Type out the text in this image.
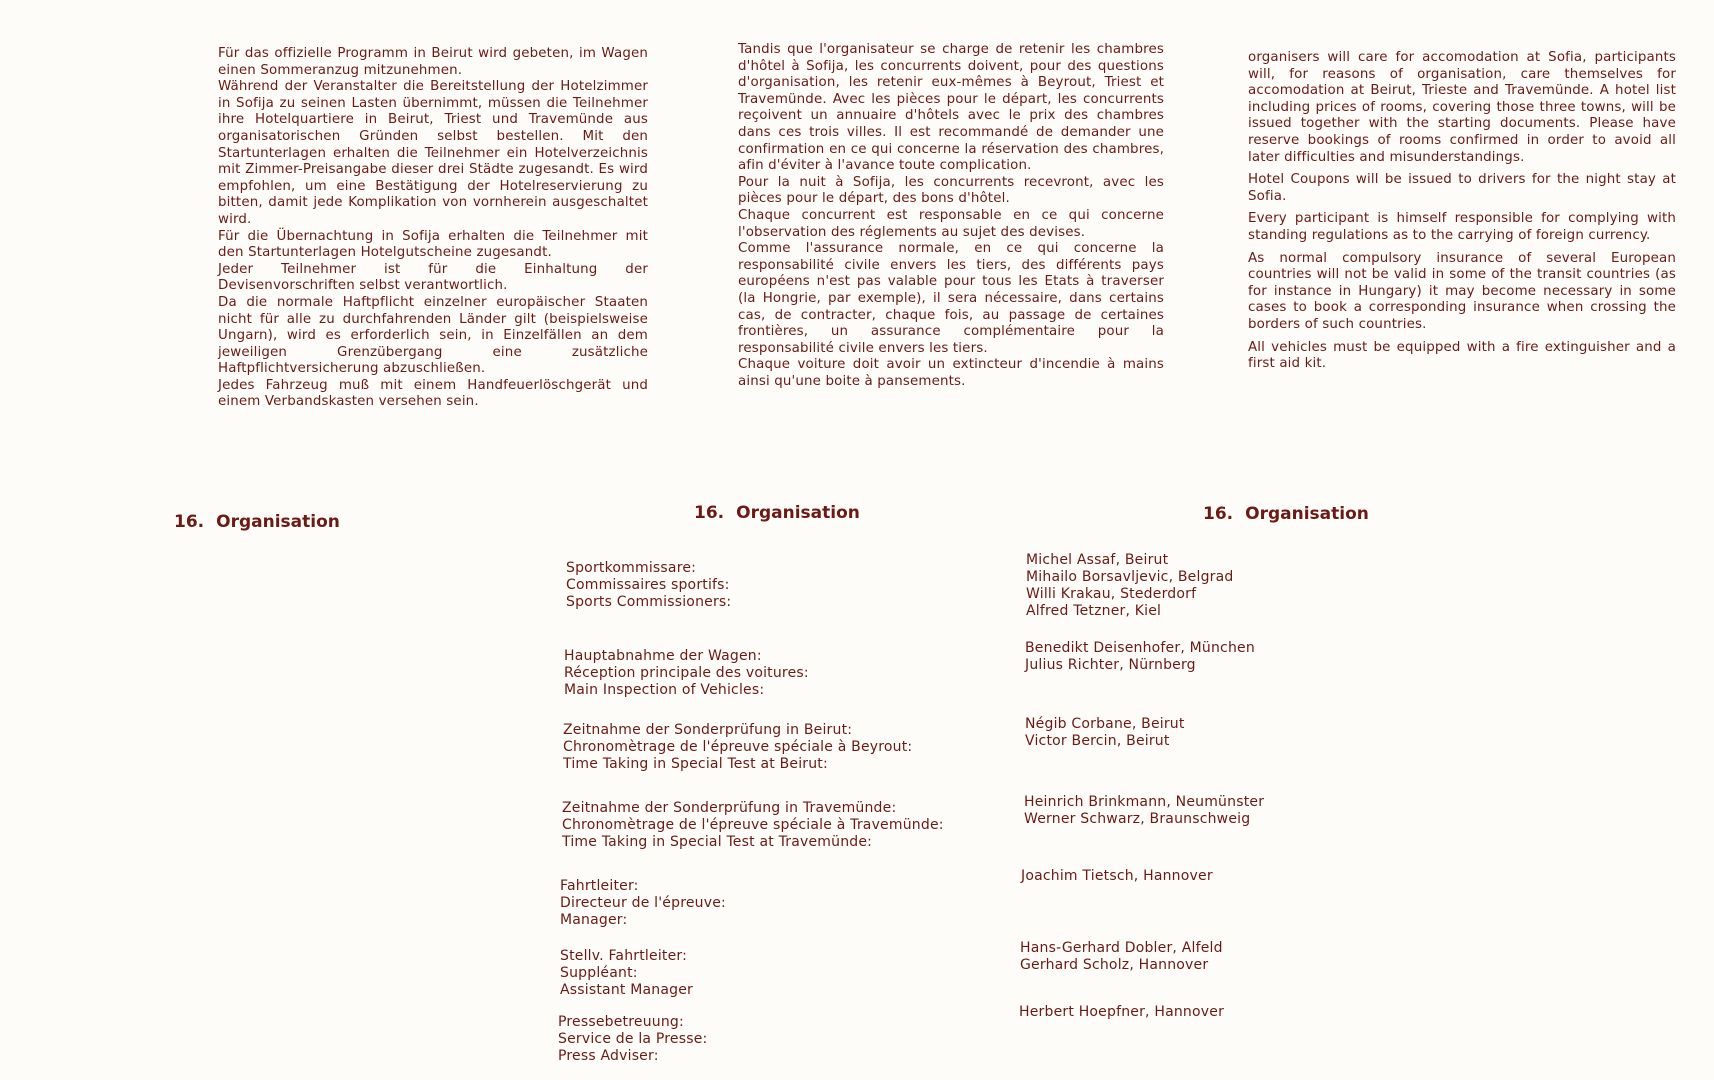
Für das offizielle Programm in Beirut wird gebeten, im Wagen einen Sommeranzug mitzunehmen.

Während der Veranstalter die Bereitstellung der Hotelzimmer in Sofija zu seinen Lasten übernimmt, müssen die Teilnehmer ihre Hotelquartiere in Beirut, Triest und Travemünde aus organisatorischen Gründen selbst bestellen. Mit den Startunterlagen erhalten die Teilnehmer ein Hotelverzeichnis mit Zimmer-Preisangabe dieser drei Städte zugesandt. Es wird empfohlen, um eine Bestätigung der Hotelreservierung zu bitten, damit jede Komplikation von vornherein ausgeschaltet wird.

Für die Übernachtung in Sofija erhalten die Teilnehmer mit den Startunterlagen Hotelgutscheine zugesandt.

Jeder Teilnehmer ist für die Einhaltung der Devisenvorschriften selbst verantwortlich.

Da die normale Haftpflicht einzelner europäischer Staaten nicht für alle zu durchfahrenden Länder gilt (beispielsweise Ungarn), wird es erforderlich sein, in Einzelfällen an dem jeweiligen Grenzübergang eine zusätzliche Haftpflichtversicherung abzuschließen.

Jedes Fahrzeug muß mit einem Handfeuerlöschgerät und einem Verbandskasten versehen sein.

Tandis que l'organisateur se charge de retenir les chambres d'hôtel à Sofija, les concurrents doivent, pour des questions d'organisation, les retenir eux-mêmes à Beyrout, Triest et Travemünde. Avec les pièces pour le départ, les concurrents reçoivent un annuaire d'hôtels avec le prix des chambres dans ces trois villes. Il est recommandé de demander une confirmation en ce qui concerne la réservation des chambres, afin d'éviter à l'avance toute complication.

Pour la nuit à Sofija, les concurrents recevront, avec les pièces pour le départ, des bons d'hôtel.

Chaque concurrent est responsable en ce qui concerne l'observation des réglements au sujet des devises.

Comme l'assurance normale, en ce qui concerne la responsabilité civile envers les tiers, des différents pays européens n'est pas valable pour tous les Etats à traverser (la Hongrie, par exemple), il sera nécessaire, dans certains cas, de contracter, chaque fois, au passage de certaines frontières, un assurance complémentaire pour la responsabilité civile envers les tiers.

Chaque voiture doit avoir un extincteur d'incendie à mains ainsi qu'une boite à pansements.

organisers will care for accomodation at Sofia, participants will, for reasons of organisation, care themselves for accomodation at Beirut, Trieste and Travemünde. A hotel list including prices of rooms, covering those three towns, will be issued together with the starting documents. Please have reserve bookings of rooms confirmed in order to avoid all later difficulties and misunderstandings.

Hotel Coupons will be issued to drivers for the night stay at Sofia.

Every participant is himself responsible for complying with standing regulations as to the carrying of foreign currency.

As normal compulsory insurance of several European countries will not be valid in some of the transit countries (as for instance in Hungary) it may become necessary in some cases to book a corresponding insurance when crossing the borders of such countries.

All vehicles must be equipped with a fire extinguisher and a first aid kit.

16. Organisation	16. Organisation	16. Organisation
Sportkommissare:
Commissaires sportifs:
Sports Commissioners:
Michel Assaf, Beirut
Mihailo Borsavljevic, Belgrad
Willi Krakau, Stederdorf
Alfred Tetzner, Kiel
Hauptabnahme der Wagen:
Réception principale des voitures:
Main Inspection of Vehicles:
Benedikt Deisenhofer, München
Julius Richter, Nürnberg
Zeitnahme der Sonderprüfung in Beirut:
Chronomètrage de l'épreuve spéciale à Beyrout:
Time Taking in Special Test at Beirut:
Négib Corbane, Beirut
Victor Bercin, Beirut
Zeitnahme der Sonderprüfung in Travemünde:
Chronomètrage de l'épreuve spéciale à Travemünde:
Time Taking in Special Test at Travemünde:
Heinrich Brinkmann, Neumünster
Werner Schwarz, Braunschweig
Fahrtleiter:
Directeur de l'épreuve:
Manager:
Joachim Tietsch, Hannover
Stellv. Fahrtleiter:
Suppléant:
Assistant Manager
Hans-Gerhard Dobler, Alfeld
Gerhard Scholz, Hannover
Pressebetreuung:
Service de la Presse:
Press Adviser:
Herbert Hoepfner, Hannover
